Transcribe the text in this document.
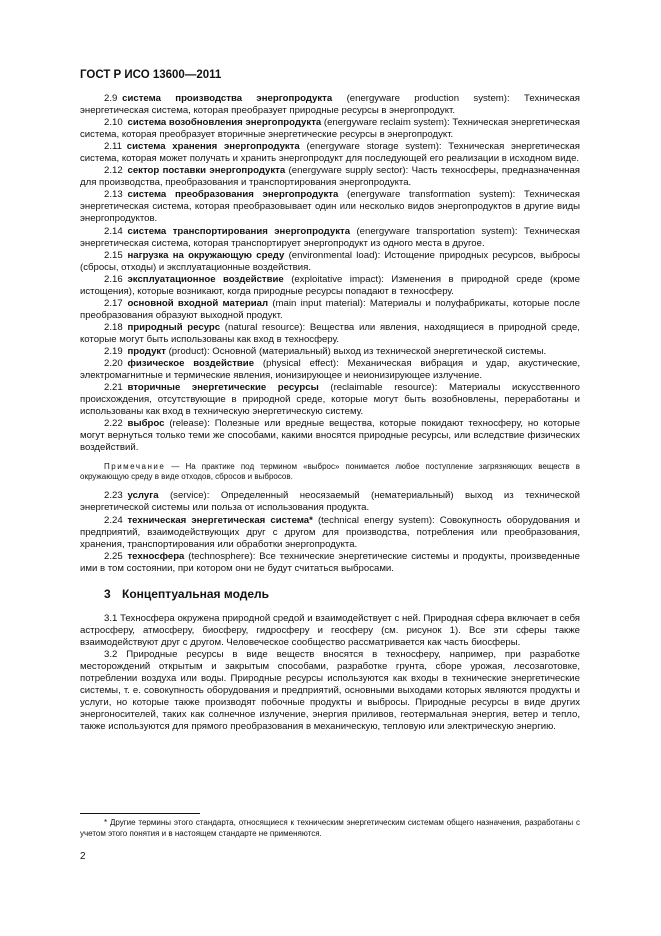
ГОСТ Р ИСО 13600—2011

2.9  система производства энергопродукта (energyware production system): Техническая энергетическая система, которая преобразует природные ресурсы в энергопродукт.

2.10  система возобновления энергопродукта (energyware reclaim system): Техническая энергетическая система, которая преобразует вторичные энергетические ресурсы в энергопродукт.

2.11  система хранения энергопродукта (energyware storage system): Техническая энергетическая система, которая может получать и хранить энергопродукт для последующей его реализации в исходном виде.

2.12  сектор поставки энергопродукта (energyware supply sector): Часть техносферы, предназначенная для производства, преобразования и транспортирования энергопродукта.

2.13  система преобразования энергопродукта (energyware transformation system): Техническая энергетическая система, которая преобразовывает один или несколько видов энергопродуктов в другие виды энергопродуктов.

2.14  система транспортирования энергопродукта (energyware transportation system): Техническая энергетическая система, которая транспортирует энергопродукт из одного места в другое.

2.15  нагрузка на окружающую среду (environmental load): Истощение природных ресурсов, выбросы (сбросы, отходы) и эксплуатационные воздействия.

2.16  эксплуатационное воздействие (exploitative impact): Изменения в природной среде (кроме истощения), которые возникают, когда природные ресурсы попадают в техносферу.

2.17  основной входной материал (main input material): Материалы и полуфабрикаты, которые после преобразования образуют выходной продукт.

2.18  природный ресурс (natural resource): Вещества или явления, находящиеся в природной среде, которые могут быть использованы как вход в техносферу.

2.19  продукт (product): Основной (материальный) выход из технической энергетической системы.

2.20  физическое воздействие (physical effect): Механическая вибрация и удар, акустические, электромагнитные и термические явления, ионизирующее и неионизирующее излучение.

2.21  вторичные энергетические ресурсы (reclaimable resource): Материалы искусственного происхождения, отсутствующие в природной среде, которые могут быть возобновлены, переработаны и использованы как вход в техническую энергетическую систему.

2.22  выброс (release): Полезные или вредные вещества, которые покидают техносферу, но которые могут вернуться только теми же способами, какими вносятся природные ресурсы, или вследствие физических воздействий.

Примечание — На практике под термином «выброс» понимается любое поступление загрязняющих веществ в окружающую среду в виде отходов, сбросов и выбросов.

2.23  услуга (service): Определенный неосязаемый (нематериальный) выход из технической энергетической системы или польза от использования продукта.

2.24  техническая энергетическая система* (technical energy system): Совокупность оборудования и предприятий, взаимодействующих друг с другом для производства, потребления или преобразования, хранения, транспортирования или обработки энергопродукта.

2.25  техносфера (technosphere): Все технические энергетические системы и продукты, произведенные ими в том состоянии, при котором они не будут считаться выбросами.

3 Концептуальная модель

3.1 Техносфера окружена природной средой и взаимодействует с ней. Природная сфера включает в себя астросферу, атмосферу, биосферу, гидросферу и геосферу (см. рисунок 1). Все эти сферы также взаимодействуют друг с другом. Человеческое сообщество рассматривается как часть биосферы.

3.2 Природные ресурсы в виде веществ вносятся в техносферу, например, при разработке месторождений открытым и закрытым способами, разработке грунта, сборе урожая, лесозаготовке, потреблении воздуха или воды. Природные ресурсы используются как входы в технические энергетические системы, т. е. совокупность оборудования и предприятий, основными выходами которых являются продукты и услуги, но которые также производят побочные продукты и выбросы. Природные ресурсы в виде других энергоносителей, таких как солнечное излучение, энергия приливов, геотермальная энергия, ветер и тепло, также используются для прямого преобразования в механическую, тепловую или электрическую энергию.

* Другие термины этого стандарта, относящиеся к техническим энергетическим системам общего назначения, разработаны с учетом этого понятия и в настоящем стандарте не применяются.
2
